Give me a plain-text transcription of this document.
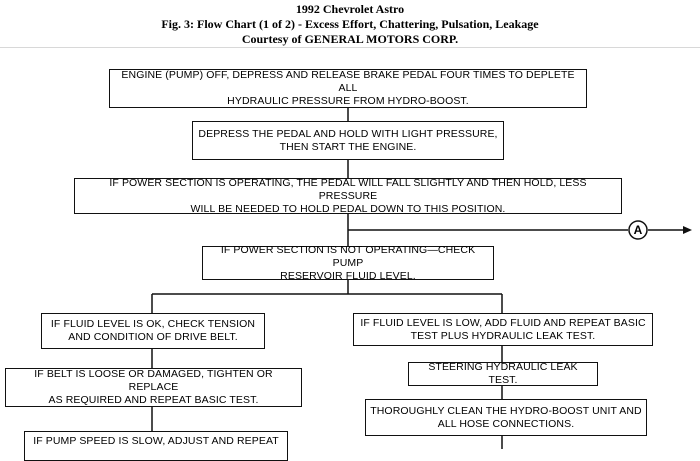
1992 Chevrolet Astro
Fig. 3: Flow Chart (1 of 2) - Excess Effort, Chattering, Pulsation, Leakage
Courtesy of GENERAL MOTORS CORP.
A
ENGINE (PUMP) OFF, DEPRESS AND RELEASE BRAKE PEDAL FOUR TIMES TO DEPLETE ALL
HYDRAULIC PRESSURE FROM HYDRO-BOOST.
DEPRESS THE PEDAL AND HOLD WITH LIGHT PRESSURE,
THEN START THE ENGINE.
IF POWER SECTION IS OPERATING, THE PEDAL WILL FALL SLIGHTLY AND THEN HOLD, LESS PRESSURE
WILL BE NEEDED TO HOLD PEDAL DOWN TO THIS POSITION.
IF POWER SECTION IS NOT OPERATING—CHECK PUMP
RESERVOIR FLUID LEVEL.
IF FLUID LEVEL IS OK, CHECK TENSION
AND CONDITION OF DRIVE BELT.
IF BELT IS LOOSE OR DAMAGED, TIGHTEN OR REPLACE
AS REQUIRED AND REPEAT BASIC TEST.
IF PUMP SPEED IS SLOW, ADJUST AND REPEAT
IF FLUID LEVEL IS LOW, ADD FLUID AND REPEAT BASIC
TEST PLUS HYDRAULIC LEAK TEST.
STEERING HYDRAULIC LEAK TEST.
THOROUGHLY CLEAN THE HYDRO-BOOST UNIT AND
ALL HOSE CONNECTIONS.
